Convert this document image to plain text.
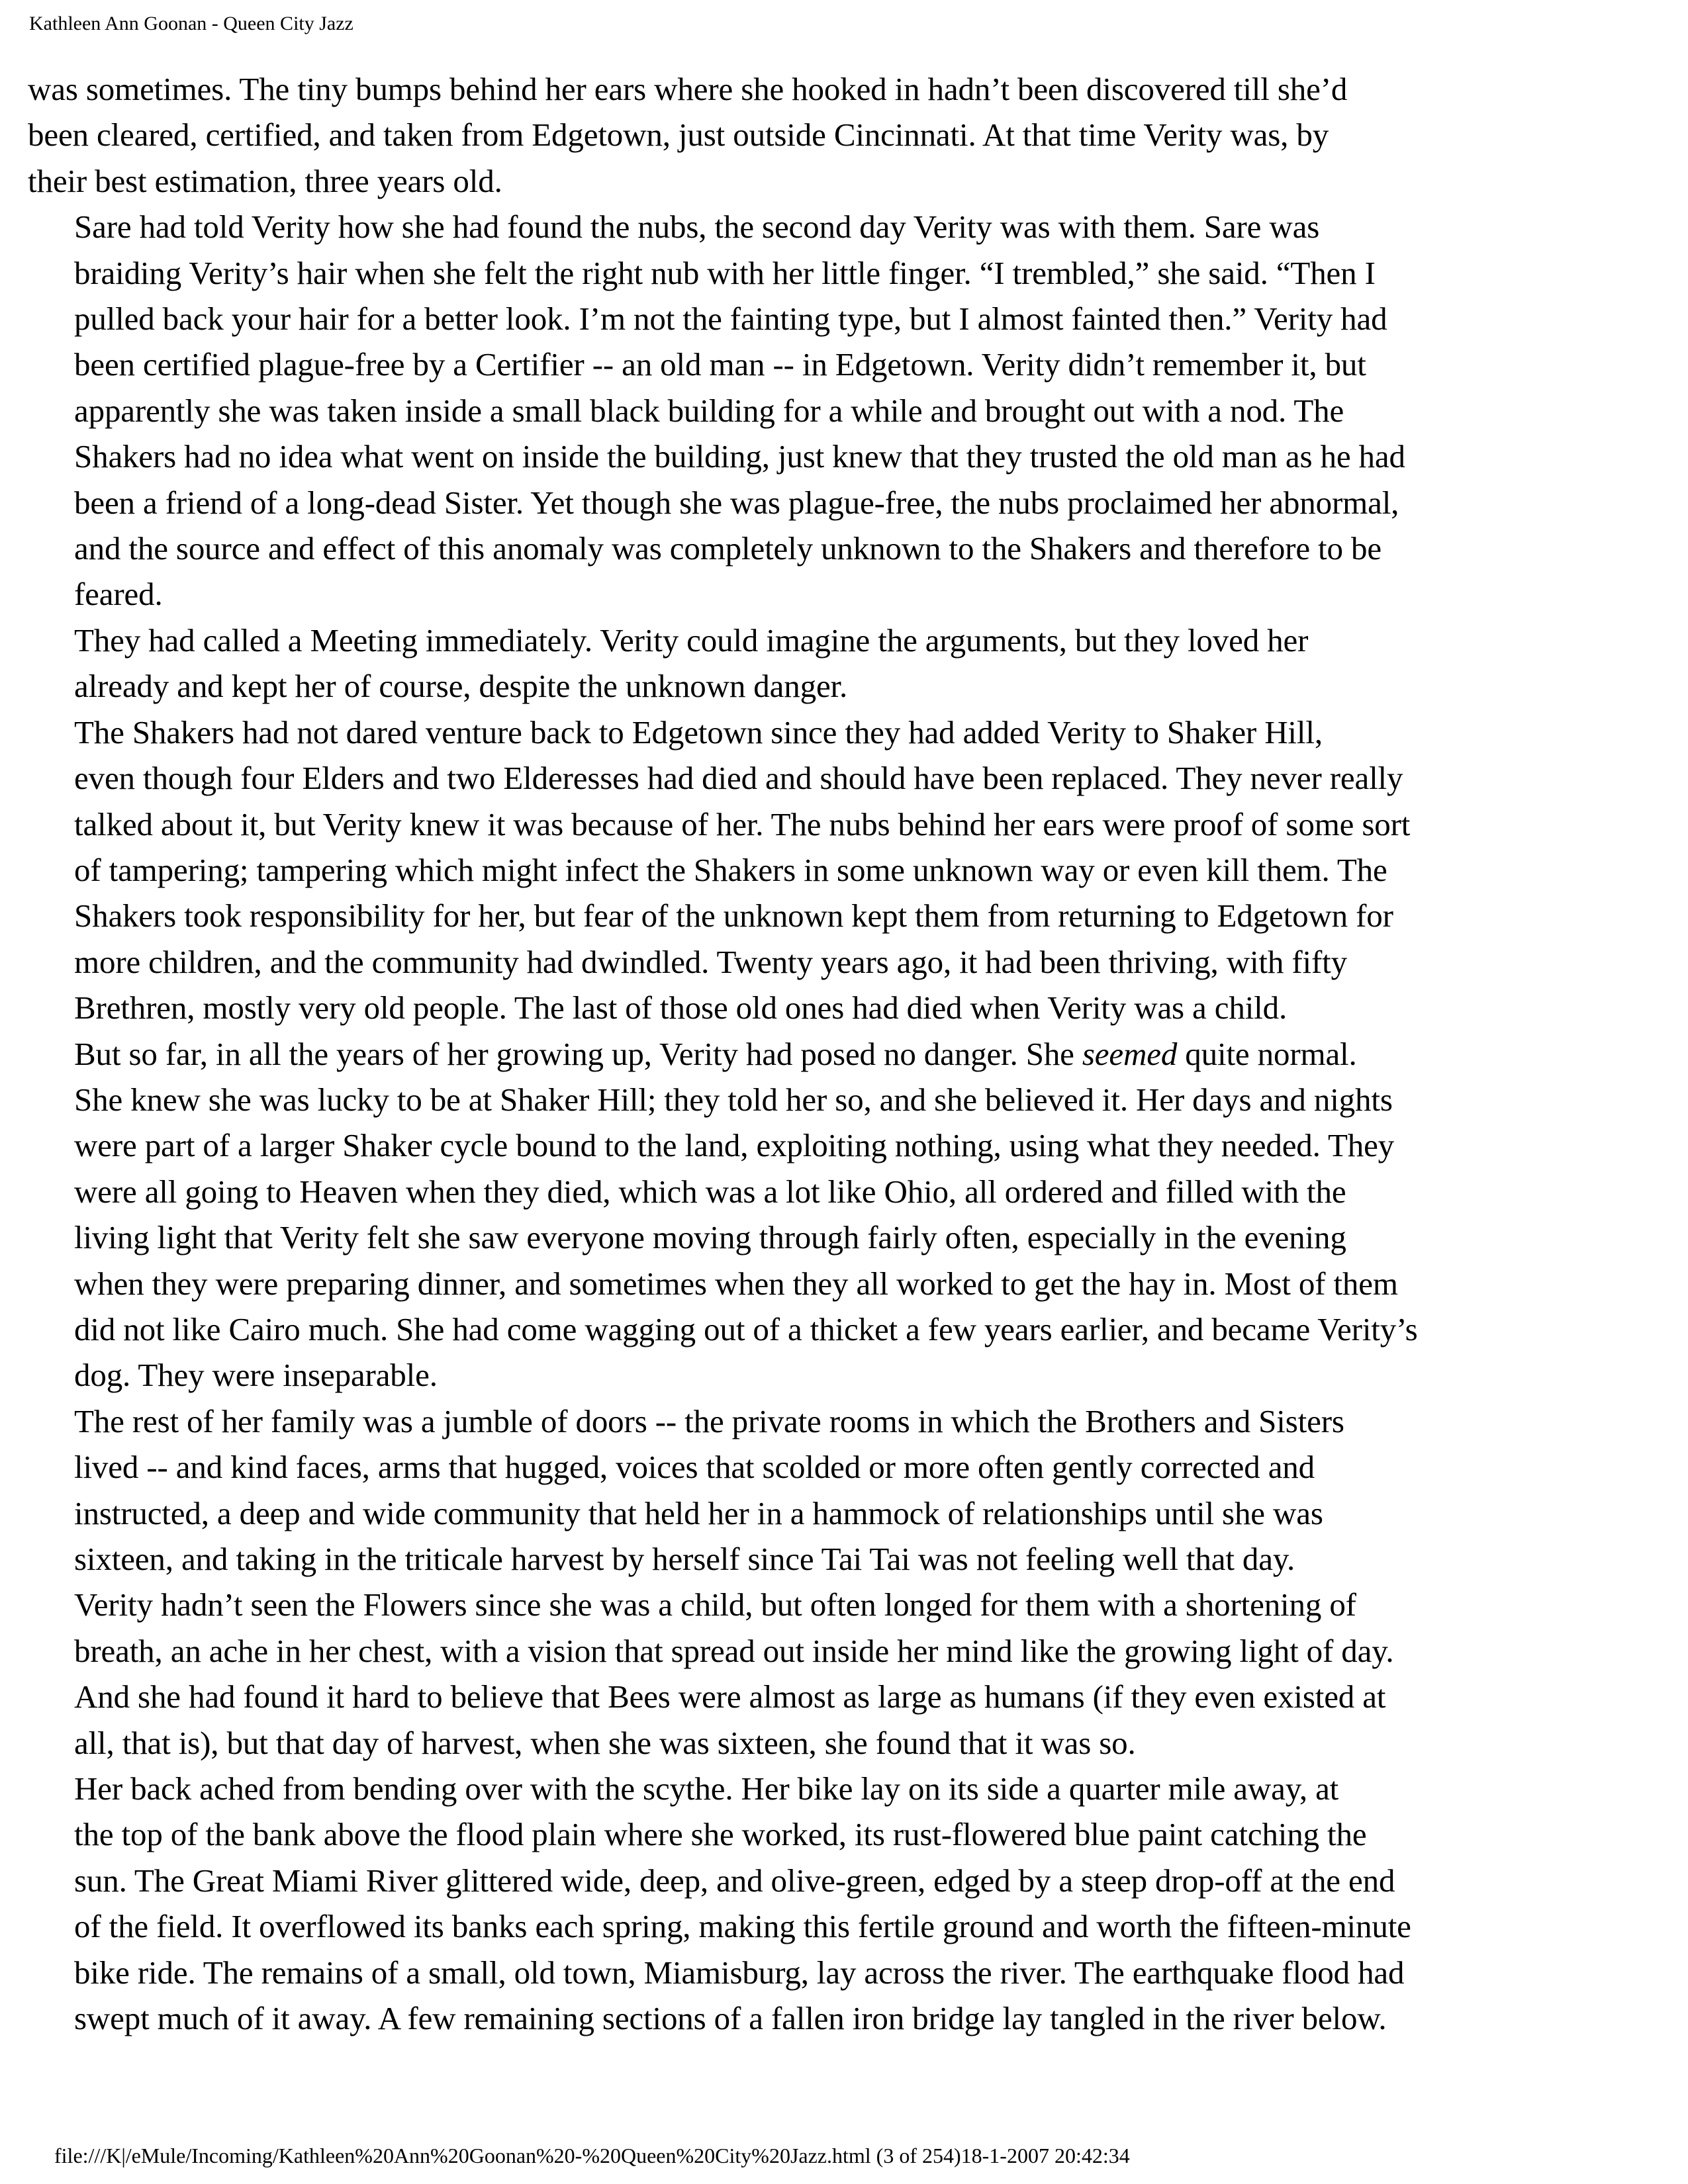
Kathleen Ann Goonan - Queen City Jazz

was sometimes. The tiny bumps behind her ears where she hooked in hadn’t been discovered till she’d
been cleared, certified, and taken from Edgetown, just outside Cincinnati. At that time Verity was, by
their best estimation, three years old.

Sare had told Verity how she had found the nubs, the second day Verity was with them. Sare was
braiding Verity’s hair when she felt the right nub with her little finger. “I trembled,” she said. “Then I
pulled back your hair for a better look. I’m not the fainting type, but I almost fainted then.” Verity had
been certified plague-free by a Certifier -- an old man -- in Edgetown. Verity didn’t remember it, but
apparently she was taken inside a small black building for a while and brought out with a nod. The
Shakers had no idea what went on inside the building, just knew that they trusted the old man as he had
been a friend of a long-dead Sister. Yet though she was plague-free, the nubs proclaimed her abnormal,
and the source and effect of this anomaly was completely unknown to the Shakers and therefore to be
feared.

They had called a Meeting immediately. Verity could imagine the arguments, but they loved her
already and kept her of course, despite the unknown danger.

The Shakers had not dared venture back to Edgetown since they had added Verity to Shaker Hill,
even though four Elders and two Elderesses had died and should have been replaced. They never really
talked about it, but Verity knew it was because of her. The nubs behind her ears were proof of some sort
of tampering; tampering which might infect the Shakers in some unknown way or even kill them. The
Shakers took responsibility for her, but fear of the unknown kept them from returning to Edgetown for
more children, and the community had dwindled. Twenty years ago, it had been thriving, with fifty
Brethren, mostly very old people. The last of those old ones had died when Verity was a child.

But so far, in all the years of her growing up, Verity had posed no danger. She seemed quite normal.
She knew she was lucky to be at Shaker Hill; they told her so, and she believed it. Her days and nights
were part of a larger Shaker cycle bound to the land, exploiting nothing, using what they needed. They
were all going to Heaven when they died, which was a lot like Ohio, all ordered and filled with the
living light that Verity felt she saw everyone moving through fairly often, especially in the evening
when they were preparing dinner, and sometimes when they all worked to get the hay in. Most of them
did not like Cairo much. She had come wagging out of a thicket a few years earlier, and became Verity’s
dog. They were inseparable.

The rest of her family was a jumble of doors -- the private rooms in which the Brothers and Sisters
lived -- and kind faces, arms that hugged, voices that scolded or more often gently corrected and
instructed, a deep and wide community that held her in a hammock of relationships until she was
sixteen, and taking in the triticale harvest by herself since Tai Tai was not feeling well that day.

Verity hadn’t seen the Flowers since she was a child, but often longed for them with a shortening of
breath, an ache in her chest, with a vision that spread out inside her mind like the growing light of day.
And she had found it hard to believe that Bees were almost as large as humans (if they even existed at
all, that is), but that day of harvest, when she was sixteen, she found that it was so.

Her back ached from bending over with the scythe. Her bike lay on its side a quarter mile away, at
the top of the bank above the flood plain where she worked, its rust-flowered blue paint catching the
sun. The Great Miami River glittered wide, deep, and olive-green, edged by a steep drop-off at the end
of the field. It overflowed its banks each spring, making this fertile ground and worth the fifteen-minute
bike ride. The remains of a small, old town, Miamisburg, lay across the river. The earthquake flood had
swept much of it away. A few remaining sections of a fallen iron bridge lay tangled in the river below.

file:///K|/eMule/Incoming/Kathleen%20Ann%20Goonan%20-%20Queen%20City%20Jazz.html (3 of 254)18-1-2007 20:42:34
